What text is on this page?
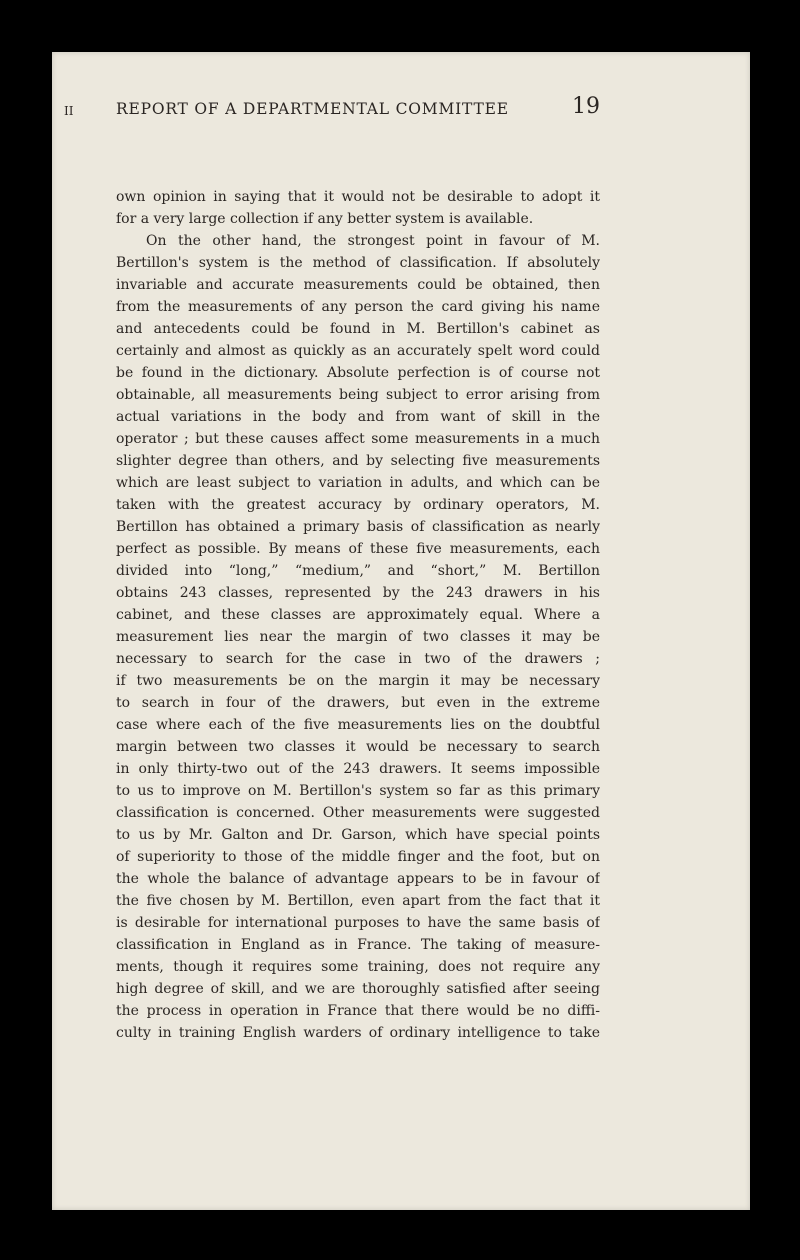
II	REPORT OF A DEPARTMENTAL COMMITTEE	19
own opinion in saying that it would not be desirable to adopt it
for a very large collection if any better system is available.
On the other hand, the strongest point in favour of M.
Bertillon's system is the method of classification. If absolutely
invariable and accurate measurements could be obtained, then
from the measurements of any person the card giving his name
and antecedents could be found in M. Bertillon's cabinet as
certainly and almost as quickly as an accurately spelt word could
be found in the dictionary. Absolute perfection is of course not
obtainable, all measurements being subject to error arising from
actual variations in the body and from want of skill in the
operator ; but these causes affect some measurements in a much
slighter degree than others, and by selecting five measurements
which are least subject to variation in adults, and which can be
taken with the greatest accuracy by ordinary operators, M.
Bertillon has obtained a primary basis of classification as nearly
perfect as possible. By means of these five measurements, each
divided into “long,” “medium,” and “short,” M. Bertillon
obtains 243 classes, represented by the 243 drawers in his
cabinet, and these classes are approximately equal. Where a
measurement lies near the margin of two classes it may be
necessary to search for the case in two of the drawers ;
if two measurements be on the margin it may be necessary
to search in four of the drawers, but even in the extreme
case where each of the five measurements lies on the doubtful
margin between two classes it would be necessary to search
in only thirty-two out of the 243 drawers. It seems impossible
to us to improve on M. Bertillon's system so far as this primary
classification is concerned. Other measurements were suggested
to us by Mr. Galton and Dr. Garson, which have special points
of superiority to those of the middle finger and the foot, but on
the whole the balance of advantage appears to be in favour of
the five chosen by M. Bertillon, even apart from the fact that it
is desirable for international purposes to have the same basis of
classification in England as in France. The taking of measure-
ments, though it requires some training, does not require any
high degree of skill, and we are thoroughly satisfied after seeing
the process in operation in France that there would be no diffi-
culty in training English warders of ordinary intelligence to take
